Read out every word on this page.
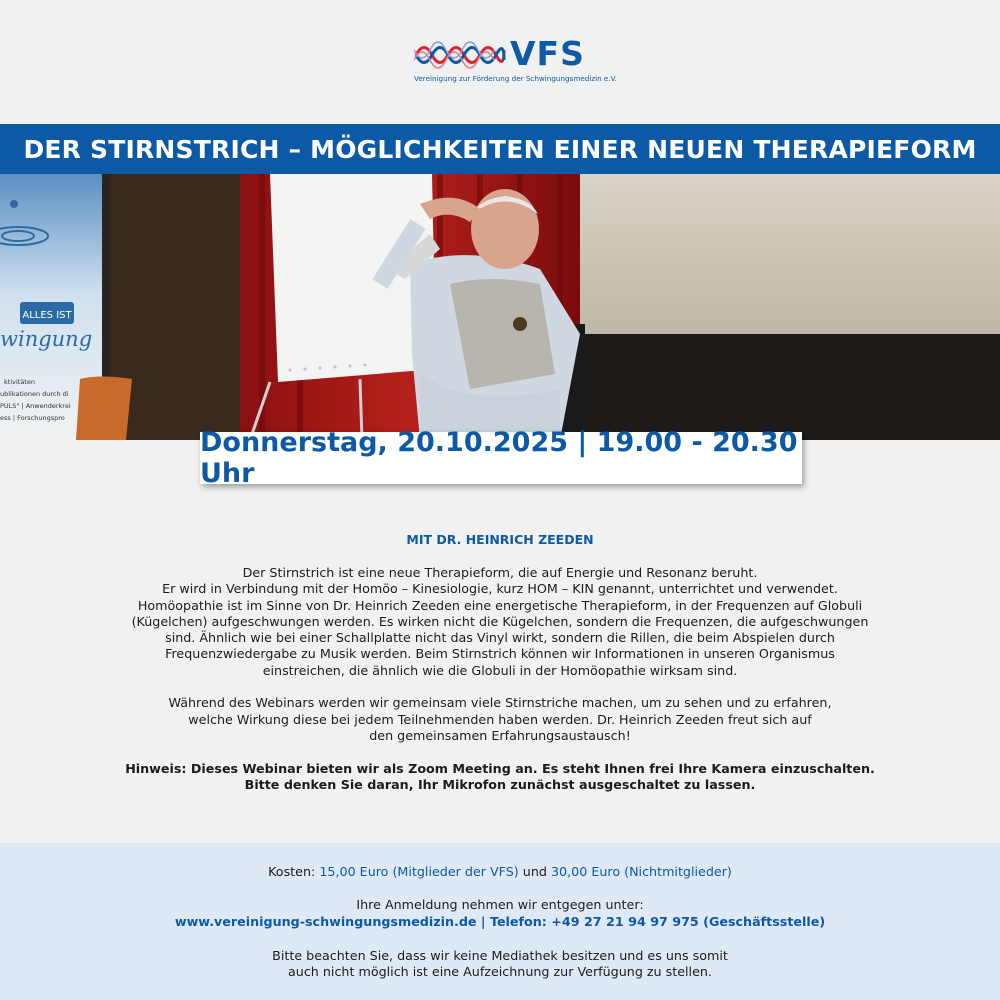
VFS
Vereinigung zur Förderung der Schwingungsmedizin e.V.
DER STIRNSTRICH – MÖGLICHKEITEN EINER NEUEN THERAPIEFORM
ALLES IST
wingung
ktivitäten
ublikationen durch di
PULS" | Anwenderkrei
ess | Forschungspro
Donnerstag, 20.10.2025 | 19.00 - 20.30 Uhr
MIT DR. HEINRICH ZEEDEN

Der Stirnstrich ist eine neue Therapieform, die auf Energie und Resonanz beruht.
Er wird in Verbindung mit der Homöo – Kinesiologie, kurz HOM – KIN genannt, unterrichtet und verwendet.
Homöopathie ist im Sinne von Dr. Heinrich Zeeden eine energetische Therapieform, in der Frequenzen auf Globuli
(Kügelchen) aufgeschwungen werden. Es wirken nicht die Kügelchen, sondern die Frequenzen, die aufgeschwungen
sind. Ähnlich wie bei einer Schallplatte nicht das Vinyl wirkt, sondern die Rillen, die beim Abspielen durch
Frequenzwiedergabe zu Musik werden. Beim Stirnstrich können wir Informationen in unseren Organismus
einstreichen, die ähnlich wie die Globuli in der Homöopathie wirksam sind.

Während des Webinars werden wir gemeinsam viele Stirnstriche machen, um zu sehen und zu erfahren,
welche Wirkung diese bei jedem Teilnehmenden haben werden. Dr. Heinrich Zeeden freut sich auf
den gemeinsamen Erfahrungsaustausch!

Hinweis: Dieses Webinar bieten wir als Zoom Meeting an. Es steht Ihnen frei Ihre Kamera einzuschalten.
Bitte denken Sie daran, Ihr Mikrofon zunächst ausgeschaltet zu lassen.

Kosten: 15,00 Euro (Mitglieder der VFS) und 30,00 Euro (Nichtmitglieder)
Ihre Anmeldung nehmen wir entgegen unter:
www.vereinigung-schwingungsmedizin.de | Telefon: +49 27 21 94 97 975 (Geschäftsstelle)
Bitte beachten Sie, dass wir keine Mediathek besitzen und es uns somit
auch nicht möglich ist eine Aufzeichnung zur Verfügung zu stellen.
